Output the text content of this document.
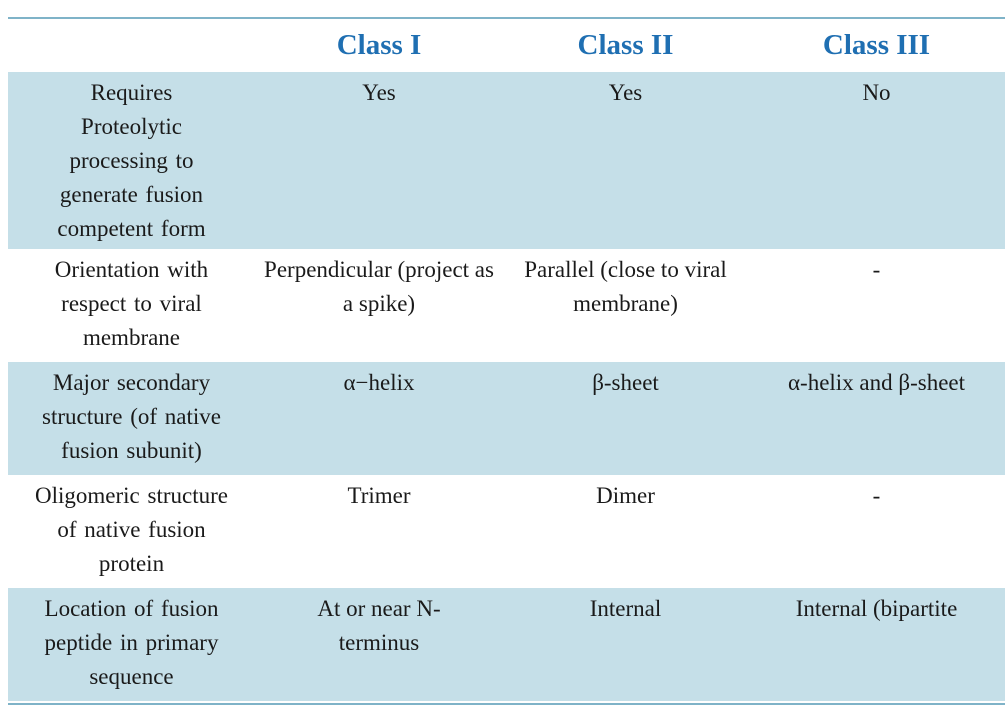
	Class I	Class II	Class III

Requires Proteolytic processing to generate fusion competent form	Yes	Yes	No

Orientation with respect to viral membrane	Perpendicular (project as a spike)	Parallel (close to viral membrane)	-

Major secondary structure (of native fusion subunit)	α−helix	β-sheet	α-helix and β-sheet

Oligomeric structure of native fusion protein	Trimer	Dimer	-

Location of fusion peptide in primary sequence	At or near N-terminus	Internal	Internal (bipartite
